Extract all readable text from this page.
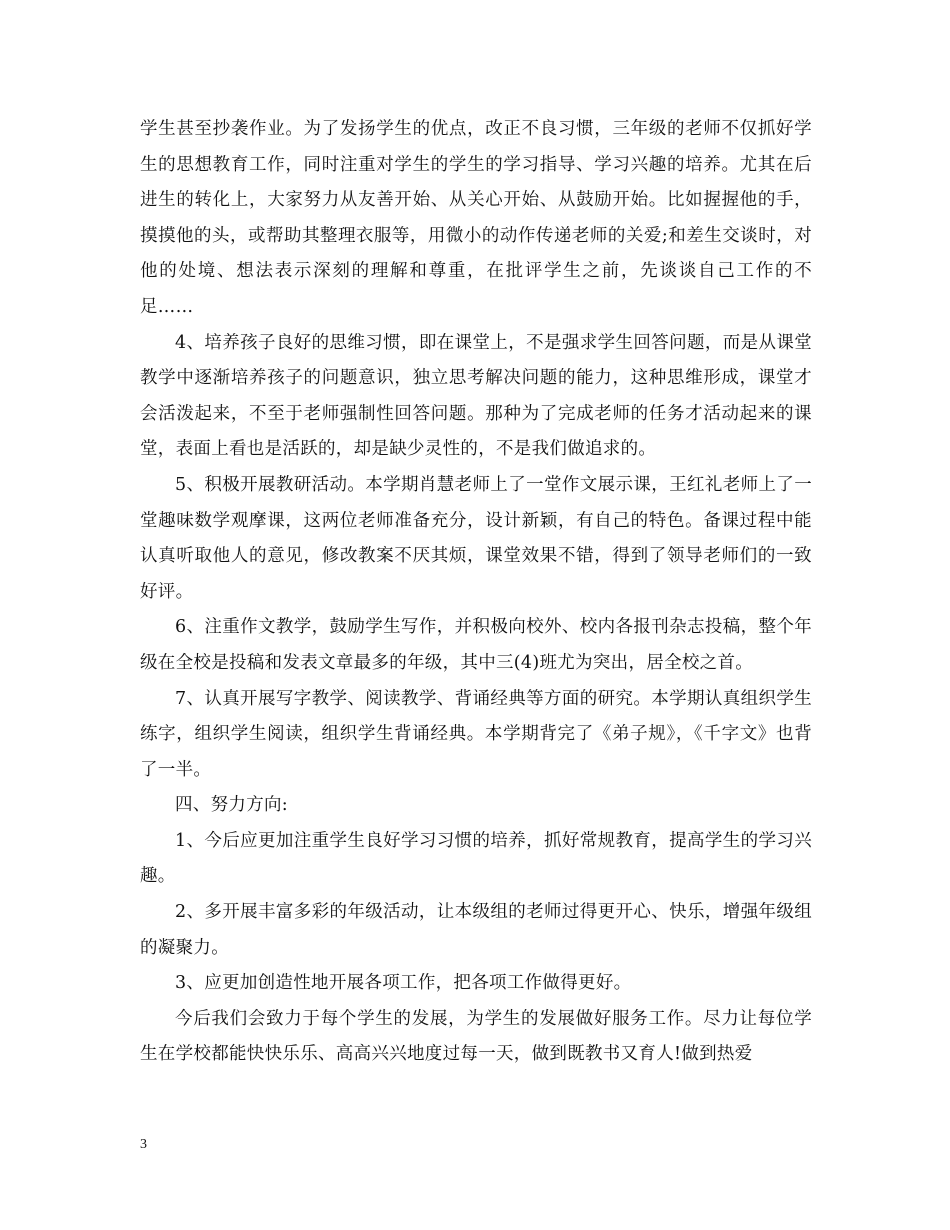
学生甚至抄袭作业。为了发扬学生的优点，改正不良习惯，三年级的老师不仅抓好学生的思想教育工作，同时注重对学生的学生的学习指导、学习兴趣的培养。尤其在后进生的转化上，大家努力从友善开始、从关心开始、从鼓励开始。比如握握他的手，摸摸他的头，或帮助其整理衣服等，用微小的动作传递老师的关爱;和差生交谈时，对他的处境、想法表示深刻的理解和尊重，在批评学生之前，先谈谈自己工作的不足……

4、培养孩子良好的思维习惯，即在课堂上，不是强求学生回答问题，而是从课堂教学中逐渐培养孩子的问题意识，独立思考解决问题的能力，这种思维形成，课堂才会活泼起来，不至于老师强制性回答问题。那种为了完成老师的任务才活动起来的课堂，表面上看也是活跃的，却是缺少灵性的，不是我们做追求的。

5、积极开展教研活动。本学期肖慧老师上了一堂作文展示课，王红礼老师上了一堂趣味数学观摩课，这两位老师准备充分，设计新颖，有自己的特色。备课过程中能认真听取他人的意见，修改教案不厌其烦，课堂效果不错，得到了领导老师们的一致好评。

6、注重作文教学，鼓励学生写作，并积极向校外、校内各报刊杂志投稿，整个年级在全校是投稿和发表文章最多的年级，其中三(4)班尤为突出，居全校之首。

7、认真开展写字教学、阅读教学、背诵经典等方面的研究。本学期认真组织学生练字，组织学生阅读，组织学生背诵经典。本学期背完了《弟子规》，《千字文》也背了一半。

四、努力方向:

1、今后应更加注重学生良好学习习惯的培养，抓好常规教育，提高学生的学习兴趣。

2、多开展丰富多彩的年级活动，让本级组的老师过得更开心、快乐，增强年级组的凝聚力。

3、应更加创造性地开展各项工作，把各项工作做得更好。

今后我们会致力于每个学生的发展，为学生的发展做好服务工作。尽力让每位学生在学校都能快快乐乐、高高兴兴地度过每一天，做到既教书又育人!做到热爱

3
